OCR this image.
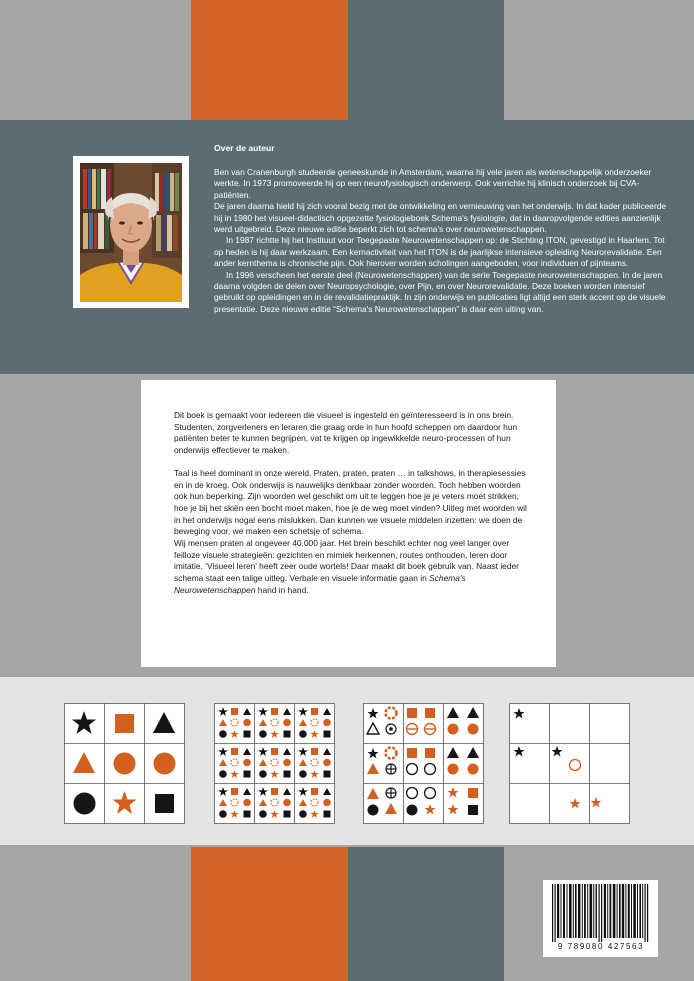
Over de auteur

Ben van Cranenburgh studeerde geneeskunde in Amsterdam, waarna hij vele jaren als wetenschappelijk onderzoeker werkte. In 1973 promoveerde hij op een neurofysiologisch onderwerp. Ook verrichte hij klinisch onderzoek bij CVA-patiënten.

De jaren daarna hield hij zich vooral bezig met de ontwikkeling en vernieuwing van het onderwijs. In dat kader publiceerde hij in 1980 het visueel-didactisch opgezette fysiologieboek Schema's fysiologie, dat in daaropvolgende edities aanzienlijk werd uitgebreid. Deze nieuwe editie beperkt zich tot schema's over neurowetenschappen.

In 1987 richtte hij het Instituut voor Toegepaste Neurowetenschappen op: de Stichting ITON, gevestigd in Haarlem. Tot op heden is hij daar werkzaam. Een kernactiviteit van het ITON is de jaarlijkse intensieve opleiding Neurorevalidatie. Een ander kernthema is chronische pijn. Ook hierover worden scholingen aangeboden, voor individuen of pijnteams.

In 1996 verscheen het eerste deel (Neurowetenschappen) van de serie Toegepaste neurowetenschappen. In de jaren daarna volgden de delen over Neuropsychologie, over Pijn, en over Neurorevalidatie. Deze boeken worden intensief gebruikt op opleidingen en in de revalidatiepraktijk. In zijn onderwijs en publicaties ligt altijd een sterk accent op de visuele presentatie. Deze nieuwe editie “Schema's Neurowetenschappen” is daar een uiting van.

Dit boek is gemaakt voor iedereen die visueel is ingesteld en geïnteresseerd is in ons brein. Studenten, zorgverleners en leraren die graag orde in hun hoofd scheppen om daardoor hun patiënten beter te kunnen begrijpen, vat te krijgen op ingewikkelde neuro-processen of hun onderwijs effectiever te maken.

Taal is heel dominant in onze wereld. Praten, praten, praten … in talkshows, in therapiesessies en in de kroeg. Ook onderwijs is nauwelijks denkbaar zonder woorden. Toch hebben woorden ook hun beperking. Zijn woorden wel geschikt om uit te leggen hoe je je veters moet strikken, hoe je bij het skiën een bocht moet maken, hoe je de weg moet vinden? Uitleg met woorden wil in het onderwijs nogal eens mislukken. Dan kunnen we visuele middelen inzetten: we doen de beweging voor, we maken een schetsje of schema.

Wij mensen praten al ongeveer 40.000 jaar. Het brein beschikt echter nog veel langer over feilloze visuele strategieën: gezichten en mimiek herkennen, routes onthouden, leren door imitatie. ‘Visueel leren’ heeft zeer oude wortels! Daar maakt dit boek gebruik van. Naast ieder schema staat een talige uitleg. Verbale en visuele informatie gaan in Schema's Neurowetenschappen hand in hand.

9 789080 427563
